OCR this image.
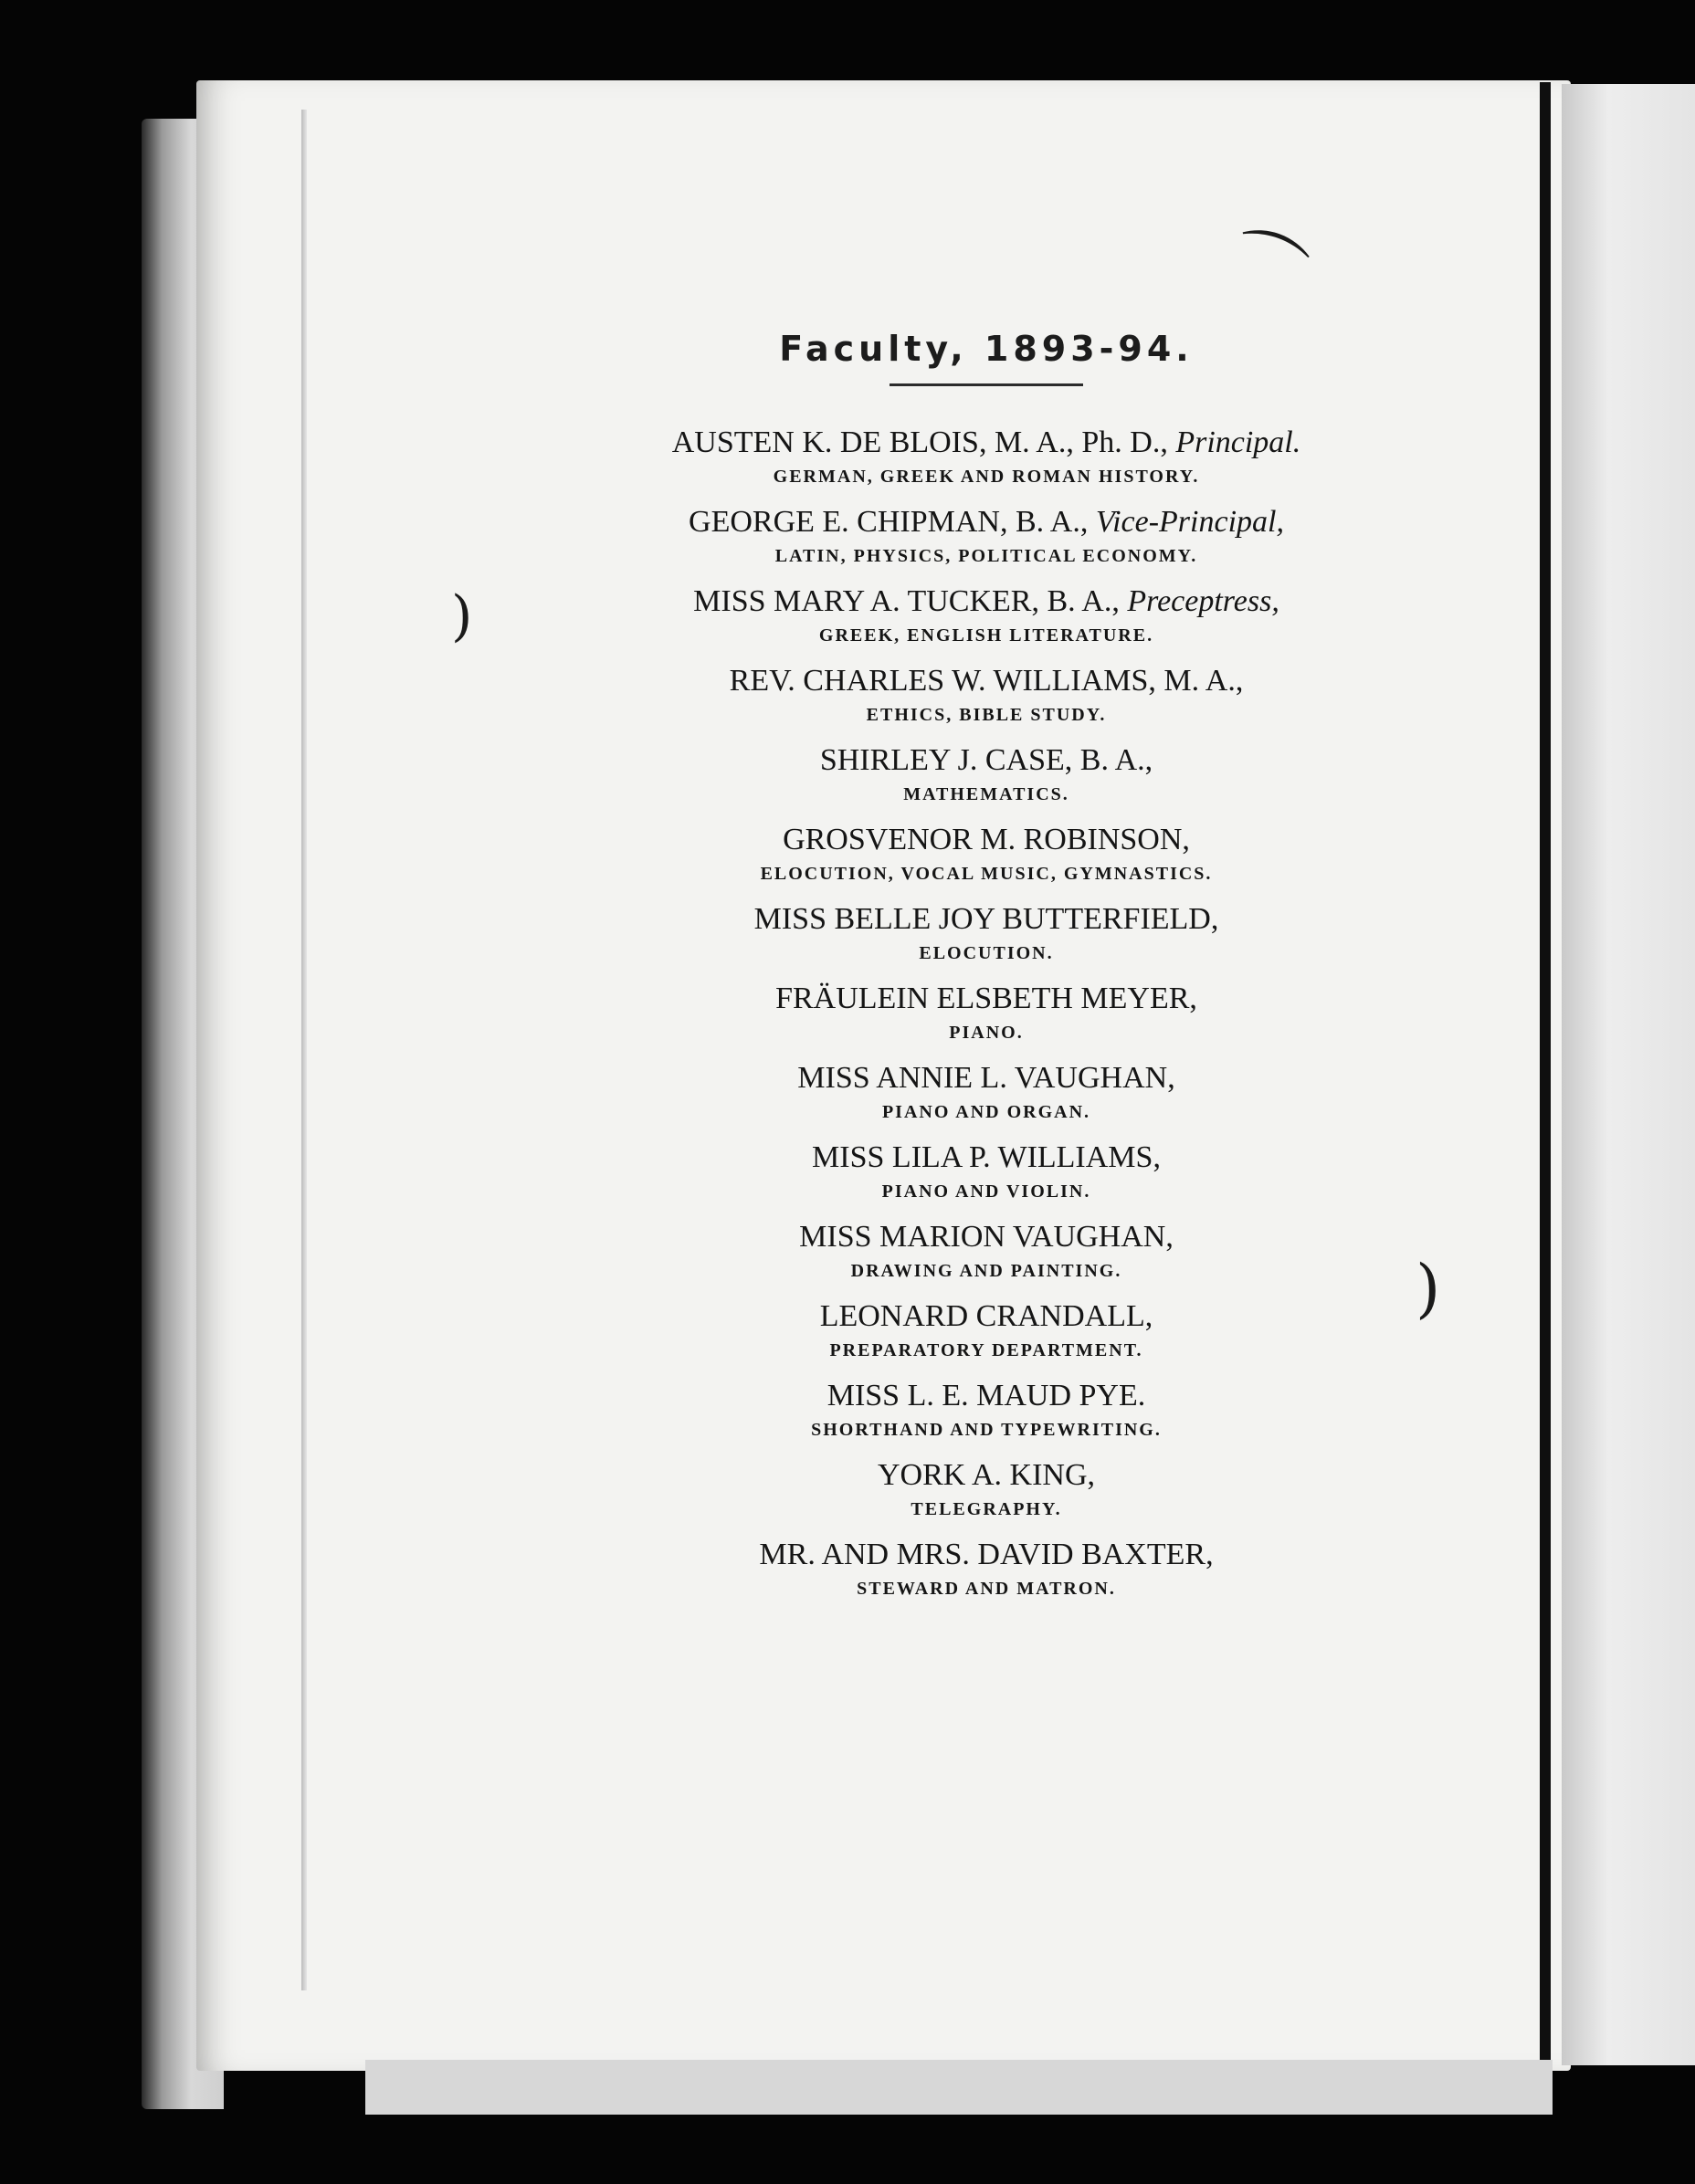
⌒
)
)
Faculty, 1893-94.
AUSTEN K. DE BLOIS, M. A., Ph. D., Principal.
GERMAN, GREEK AND ROMAN HISTORY.
GEORGE E. CHIPMAN, B. A., Vice-Principal,
LATIN, PHYSICS, POLITICAL ECONOMY.
MISS MARY A. TUCKER, B. A., Preceptress,
GREEK, ENGLISH LITERATURE.
REV. CHARLES W. WILLIAMS, M. A.,
ETHICS, BIBLE STUDY.
SHIRLEY J. CASE, B. A.,
MATHEMATICS.
GROSVENOR M. ROBINSON,
ELOCUTION, VOCAL MUSIC, GYMNASTICS.
MISS BELLE JOY BUTTERFIELD,
ELOCUTION.
FRÄULEIN ELSBETH MEYER,
PIANO.
MISS ANNIE L. VAUGHAN,
PIANO AND ORGAN.
MISS LILA P. WILLIAMS,
PIANO AND VIOLIN.
MISS MARION VAUGHAN,
DRAWING AND PAINTING.
LEONARD CRANDALL,
PREPARATORY DEPARTMENT.
MISS L. E. MAUD PYE.
SHORTHAND AND TYPEWRITING.
YORK A. KING,
TELEGRAPHY.
MR. AND MRS. DAVID BAXTER,
STEWARD AND MATRON.
